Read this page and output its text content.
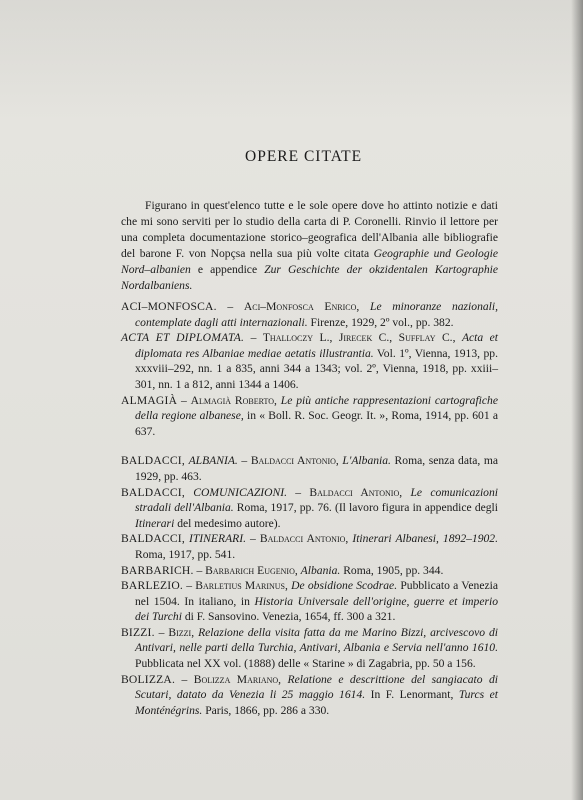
OPERE CITATE

Figurano in quest'elenco tutte e le sole opere dove ho attinto notizie e dati che mi sono serviti per lo studio della carta di P. Coronelli. Rinvio il lettore per una completa documentazione storico–geografica dell'Albania alle bibliografie del barone F. von Nopçsa nella sua più volte citata Geographie und Geologie Nord–albanien e appendice Zur Geschichte der okzidentalen Kartographie Nordalbaniens.

ACI–MONFOSCA. – Aci–Monfosca Enrico, Le minoranze nazionali, contemplate dagli atti internazionali. Firenze, 1929, 2º vol., pp. 382.

ACTA ET DIPLOMATA. – Thalloczy L., Jirecek C., Sufflay C., Acta et diplomata res Albaniae mediae aetatis illustrantia. Vol. 1º, Vienna, 1913, pp. xxxviii–292, nn. 1 a 835, anni 344 a 1343; vol. 2º, Vienna, 1918, pp. xxiii–301, nn. 1 a 812, anni 1344 a 1406.

ALMAGIÀ – Almagià Roberto, Le più antiche rappresentazioni cartografiche della regione albanese, in « Boll. R. Soc. Geogr. It. », Roma, 1914, pp. 601 a 637.

BALDACCI, ALBANIA. – Baldacci Antonio, L'Albania. Roma, senza data, ma 1929, pp. 463.

BALDACCI, COMUNICAZIONI. – Baldacci Antonio, Le comunicazioni stradali dell'Albania. Roma, 1917, pp. 76. (Il lavoro figura in appendice degli Itinerari del medesimo autore).

BALDACCI, ITINERARI. – Baldacci Antonio, Itinerari Albanesi, 1892–1902. Roma, 1917, pp. 541.

BARBARICH. – Barbarich Eugenio, Albania. Roma, 1905, pp. 344.

BARLEZIO. – Barletius Marinus, De obsidione Scodrae. Pubblicato a Venezia nel 1504. In italiano, in Historia Universale dell'origine, guerre et imperio dei Turchi di F. Sansovino. Venezia, 1654, ff. 300 a 321.

BIZZI. – Bizzi, Relazione della visita fatta da me Marino Bizzi, arcivescovo di Antivari, nelle parti della Turchia, Antivari, Albania e Servia nell'anno 1610. Pubblicata nel XX vol. (1888) delle « Starine » di Zagabria, pp. 50 a 156.

BOLIZZA. – Bolizza Mariano, Relatione e descrittione del sangiacato di Scutari, datato da Venezia li 25 maggio 1614. In F. Lenormant, Turcs et Monténégrins. Paris, 1866, pp. 286 a 330.
